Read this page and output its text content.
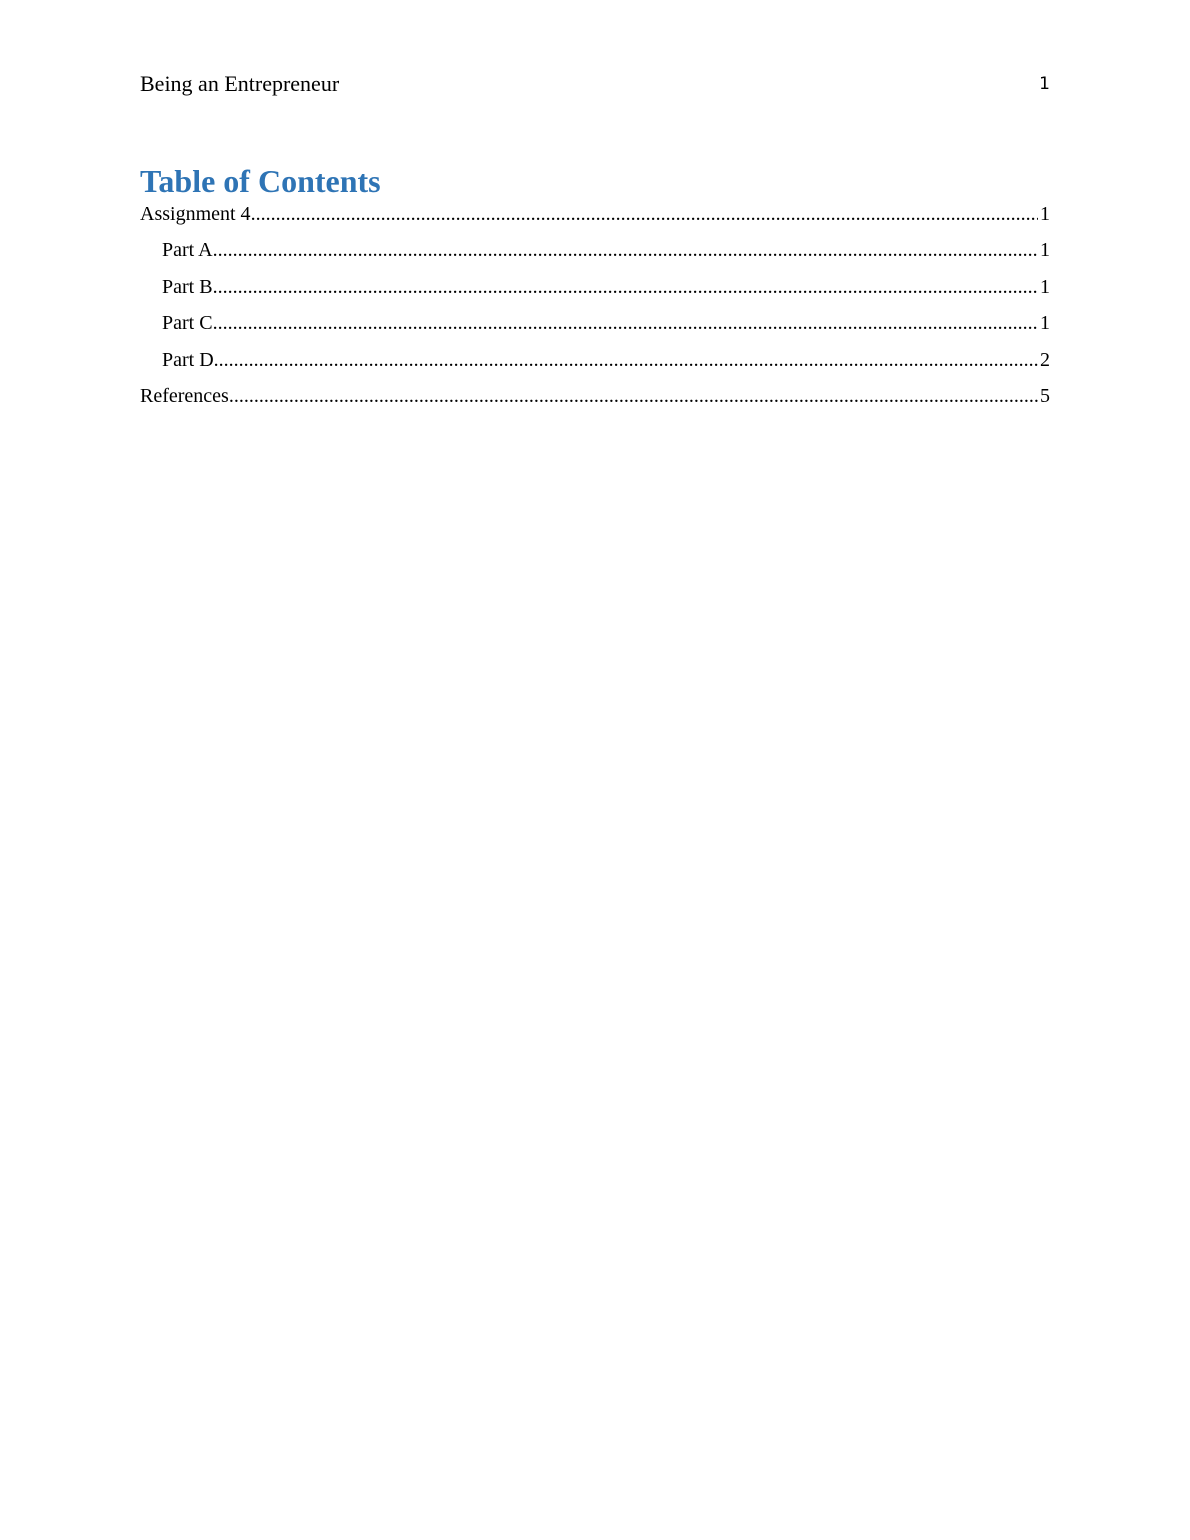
Being an Entrepreneur	1
Table of Contents
Assignment 4 .....	1
Part A .....	1
Part B .....	1
Part C .....	1
Part D .....	2
References .....	5
